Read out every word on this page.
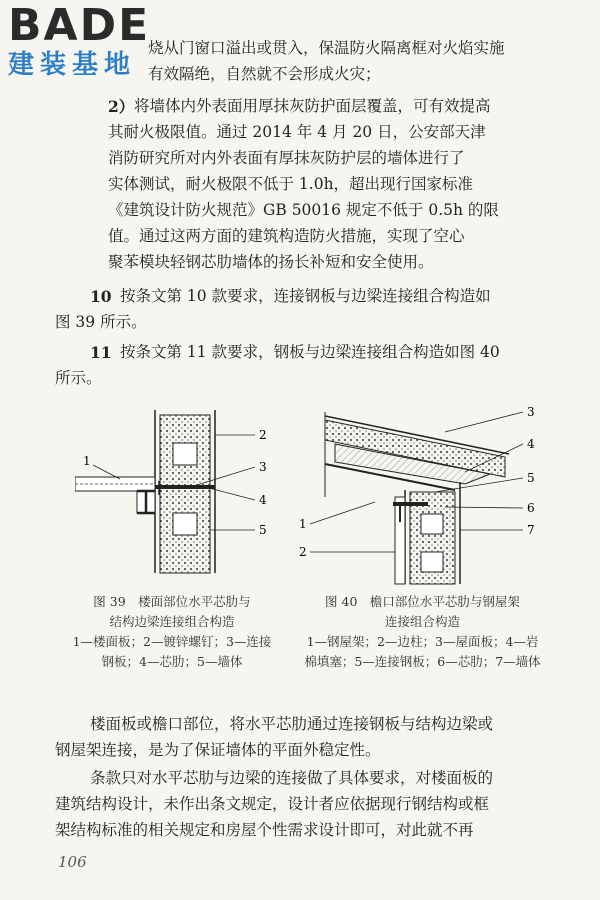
BADE
建装基地
烧从门窗口溢出或贯入，保温防火隔离框对火焰实施
有效隔绝，自然就不会形成火灾；
2） 将墙体内外表面用厚抹灰防护面层覆盖，可有效提高
其耐火极限值。通过 2014 年 4 月 20 日，公安部天津
消防研究所对内外表面有厚抹灰防护层的墙体进行了
实体测试，耐火极限不低于 1.0h，超出现行国家标准
《建筑设计防火规范》GB 50016 规定不低于 0.5h 的限
值。通过这两方面的建筑构造防火措施，实现了空心
聚苯模块轻钢芯肋墙体的扬长补短和安全使用。
10 按条文第 10 款要求，连接钢板与边梁连接组合构造如
图 39 所示。
11 按条文第 11 款要求，钢板与边梁连接组合构造如图 40
所示。
1
2
3
4
5
3
4
5
6
7
1
2
图 39　楼面部位水平芯肋与
结构边梁连接组合构造
1—楼面板；2—镀锌螺钉；3—连接
钢板；4—芯肋；5—墙体
图 40　檐口部位水平芯肋与钢屋架
连接组合构造
1—钢屋架；2—边柱；3—屋面板；4—岩
棉填塞；5—连接钢板；6—芯肋；7—墙体
楼面板或檐口部位，将水平芯肋通过连接钢板与结构边梁或
钢屋架连接，是为了保证墙体的平面外稳定性。
条款只对水平芯肋与边梁的连接做了具体要求，对楼面板的
建筑结构设计，未作出条文规定，设计者应依据现行钢结构或框
架结构标准的相关规定和房屋个性需求设计即可，对此就不再
106
